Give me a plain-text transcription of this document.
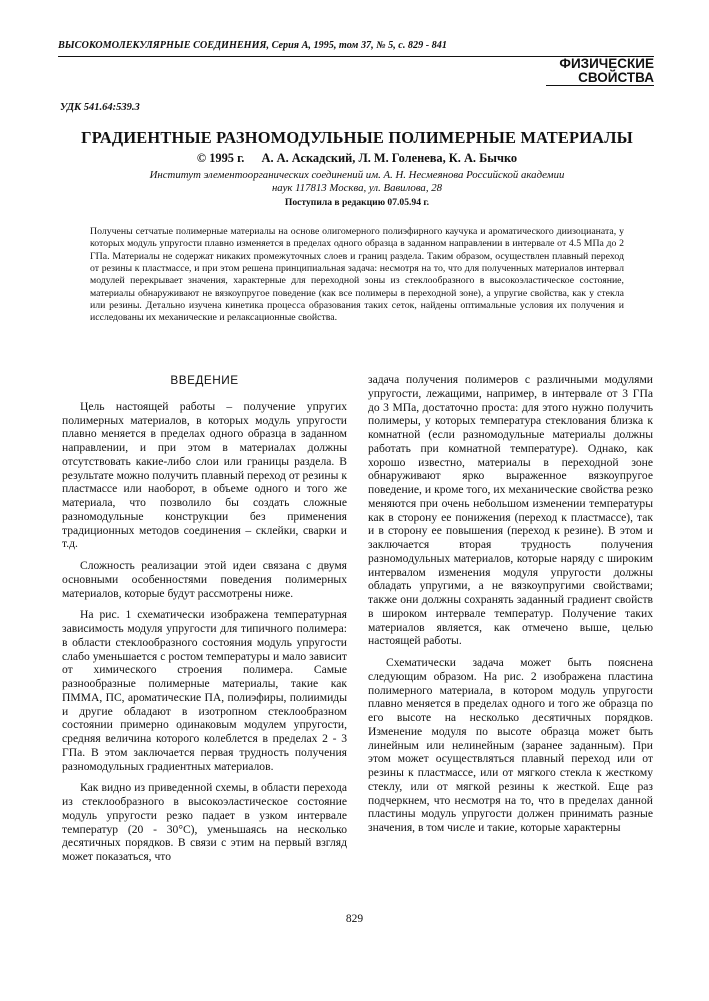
ВЫСОКОМОЛЕКУЛЯРНЫЕ СОЕДИНЕНИЯ, Серия А, 1995, том 37, № 5, с. 829 - 841
ФИЗИЧЕСКИЕ
СВОЙСТВА
УДК 541.64:539.3
ГРАДИЕНТНЫЕ РАЗНОМОДУЛЬНЫЕ ПОЛИМЕРНЫЕ МАТЕРИАЛЫ
© 1995 г. А. А. Аскадский, Л. М. Голенева, К. А. Бычко
Институт элементоорганических соединений им. А. Н. Несмеянова Российской академии наук 117813 Москва, ул. Вавилова, 28
Поступила в редакцию 07.05.94 г.
Получены сетчатые полимерные материалы на основе олигомерного полиэфирного каучука и ароматического диизоцианата, у которых модуль упругости плавно изменяется в пределах одного образца в заданном направлении в интервале от 4.5 МПа до 2 ГПа. Материалы не содержат никаких промежуточных слоев и границ раздела. Таким образом, осуществлен плавный переход от резины к пластмассе, и при этом решена принципиальная задача: несмотря на то, что для полученных материалов интервал модулей перекрывает значения, характерные для переходной зоны из стеклообразного в высокоэластическое состояние, материалы обнаруживают не вязкоупругое поведение (как все полимеры в переходной зоне), а упругие свойства, как у стекла или резины. Детально изучена кинетика процесса образования таких сеток, найдены оптимальные условия их получения и исследованы их механические и релаксационные свойства.
ВВЕДЕНИЕ

Цель настоящей работы – получение упругих полимерных материалов, в которых модуль упругости плавно меняется в пределах одного образца в заданном направлении, и при этом в материалах должны отсутствовать какие-либо слои или границы раздела. В результате можно получить плавный переход от резины к пластмассе или наоборот, в объеме одного и того же материала, что позволило бы создать сложные разномодульные конструкции без применения традиционных методов соединения – склейки, сварки и т.д.

Сложность реализации этой идеи связана с двумя основными особенностями поведения полимерных материалов, которые будут рассмотрены ниже.

На рис. 1 схематически изображена температурная зависимость модуля упругости для типичного полимера: в области стеклообразного состояния модуль упругости слабо уменьшается с ростом температуры и мало зависит от химического строения полимера. Самые разнообразные полимерные материалы, такие как ПММА, ПС, ароматические ПА, полиэфиры, полиимиды и другие обладают в изотропном стеклообразном состоянии примерно одинаковым модулем упругости, средняя величина которого колеблется в пределах 2 - 3 ГПа. В этом заключается первая трудность получения разномодульных градиентных материалов.

Как видно из приведенной схемы, в области перехода из стеклообразного в высокоэластическое состояние модуль упругости резко падает в узком интервале температур (20 - 30°С), уменьшаясь на несколько десятичных порядков. В связи с этим на первый взгляд может показаться, что

задача получения полимеров с различными модулями упругости, лежащими, например, в интервале от 3 ГПа до 3 МПа, достаточно проста: для этого нужно получить полимеры, у которых температура стеклования близка к комнатной (если разномодульные материалы должны работать при комнатной температуре). Однако, как хорошо известно, материалы в переходной зоне обнаруживают ярко выраженное вязкоупругое поведение, и кроме того, их механические свойства резко меняются при очень небольшом изменении температуры как в сторону ее понижения (переход к пластмассе), так и в сторону ее повышения (переход к резине). В этом и заключается вторая трудность получения разномодульных материалов, которые наряду с широким интервалом изменения модуля упругости должны обладать упругими, а не вязкоупругими свойствами; также они должны сохранять заданный градиент свойств в широком интервале температур. Получение таких материалов является, как отмечено выше, целью настоящей работы.

Схематически задача может быть пояснена следующим образом. На рис. 2 изображена пластина полимерного материала, в котором модуль упругости плавно меняется в пределах одного и того же образца по его высоте на несколько десятичных порядков. Изменение модуля по высоте образца может быть линейным или нелинейным (заранее заданным). При этом может осуществляться плавный переход или от резины к пластмассе, или от мягкого стекла к жесткому стеклу, или от мягкой резины к жесткой. Еще раз подчеркнем, что несмотря на то, что в пределах данной пластины модуль упругости должен принимать разные значения, в том числе и такие, которые характерны

829
